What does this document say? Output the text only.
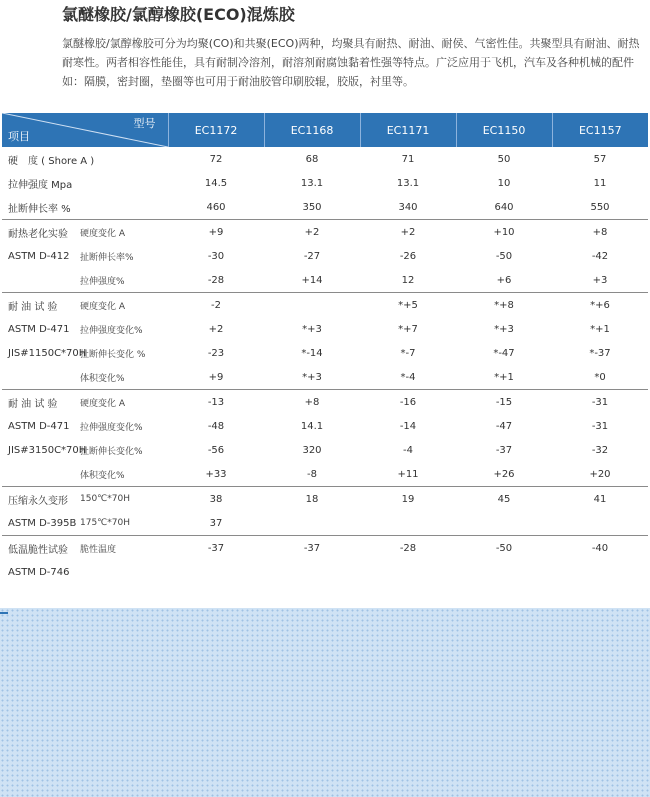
氯醚橡胶/氯醇橡胶(ECO)混炼胶
氯醚橡胶/氯醇橡胶可分为均聚(CO)和共聚(ECO)两种，均聚具有耐热、耐油、耐侯、气密性佳。共聚型具有耐油、耐热耐寒性。两者相容性能佳，具有耐制冷溶剂，耐溶剂耐腐蚀黏着性强等特点。广泛应用于飞机，汽车及各种机械的配件如：隔膜，密封圈，垫圈等也可用于耐油胶管印刷胶辊，胶版，衬里等。
型号
项目		EC1172	EC1168	EC1171	EC1150	EC1157
硬　度 ( Shore A )		72	68	71	50	57
拉伸强度 Mpa		14.5	13.1	13.1	10	11
扯断伸长率 %		460	350	340	640	550
耐热老化实验	硬度变化 A	+9	+2	+2	+10	+8
ASTM D-412	扯断伸长率%	-30	-27	-26	-50	-42
	拉伸强度%	-28	+14	12	+6	+3
耐 油 试 验	硬度变化 A	-2		*+5	*+8	*+6
ASTM D-471	拉伸强度变化%	+2	*+3	*+7	*+3	*+1
JIS#1150C*70H	扯断伸长变化 %	-23	*-14	*-7	*-47	*-37
	体积变化%	+9	*+3	*-4	*+1	*0
耐 油 试 验	硬度变化 A	-13	+8	-16	-15	-31
ASTM D-471	拉伸强度变化%	-48	14.1	-14	-47	-31
JIS#3150C*70H	扯断伸长变化%	-56	320	-4	-37	-32
	体积变化%	+33	-8	+11	+26	+20
压缩永久变形	150℃*70H	38	18	19	45	41
ASTM D-395B	175℃*70H	37				
低温脆性试验	脆性温度	-37	-37	-28	-50	-40
ASTM D-746						
